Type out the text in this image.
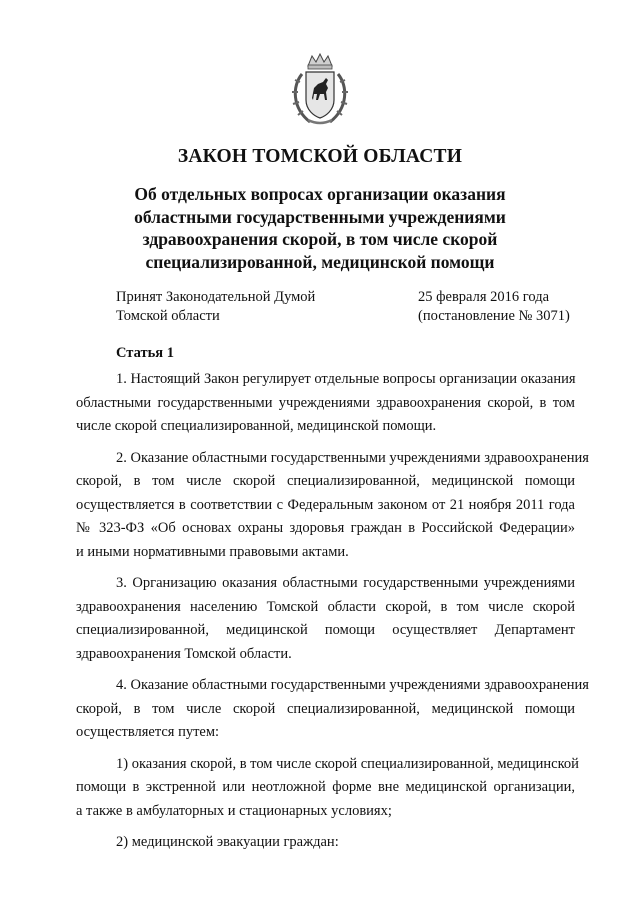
ЗАКОН ТОМСКОЙ ОБЛАСТИ
Об отдельных вопросах организации оказания
областными государственными учреждениями
здравоохранения скорой, в том числе скорой
специализированной, медицинской помощи
Принят Законодательной Думой
Томской области
25 февраля 2016 года
(постановление № 3071)
Статья 1
1. Настоящий Закон регулирует отдельные вопросы организации оказания
областными государственными учреждениями здравоохранения скорой, в том
числе скорой специализированной, медицинской помощи.
2. Оказание областными государственными учреждениями здравоохранения
скорой, в том числе скорой специализированной, медицинской помощи
осуществляется в соответствии с Федеральным законом от 21 ноября 2011 года
№ 323-ФЗ «Об основах охраны здоровья граждан в Российской Федерации»
и иными нормативными правовыми актами.
3. Организацию оказания областными государственными учреждениями
здравоохранения населению Томской области скорой, в том числе скорой
специализированной, медицинской помощи осуществляет Департамент
здравоохранения Томской области.
4. Оказание областными государственными учреждениями здравоохранения
скорой, в том числе скорой специализированной, медицинской помощи
осуществляется путем:
1) оказания скорой, в том числе скорой специализированной, медицинской
помощи в экстренной или неотложной форме вне медицинской организации,
а также в амбулаторных и стационарных условиях;
2) медицинской эвакуации граждан:
